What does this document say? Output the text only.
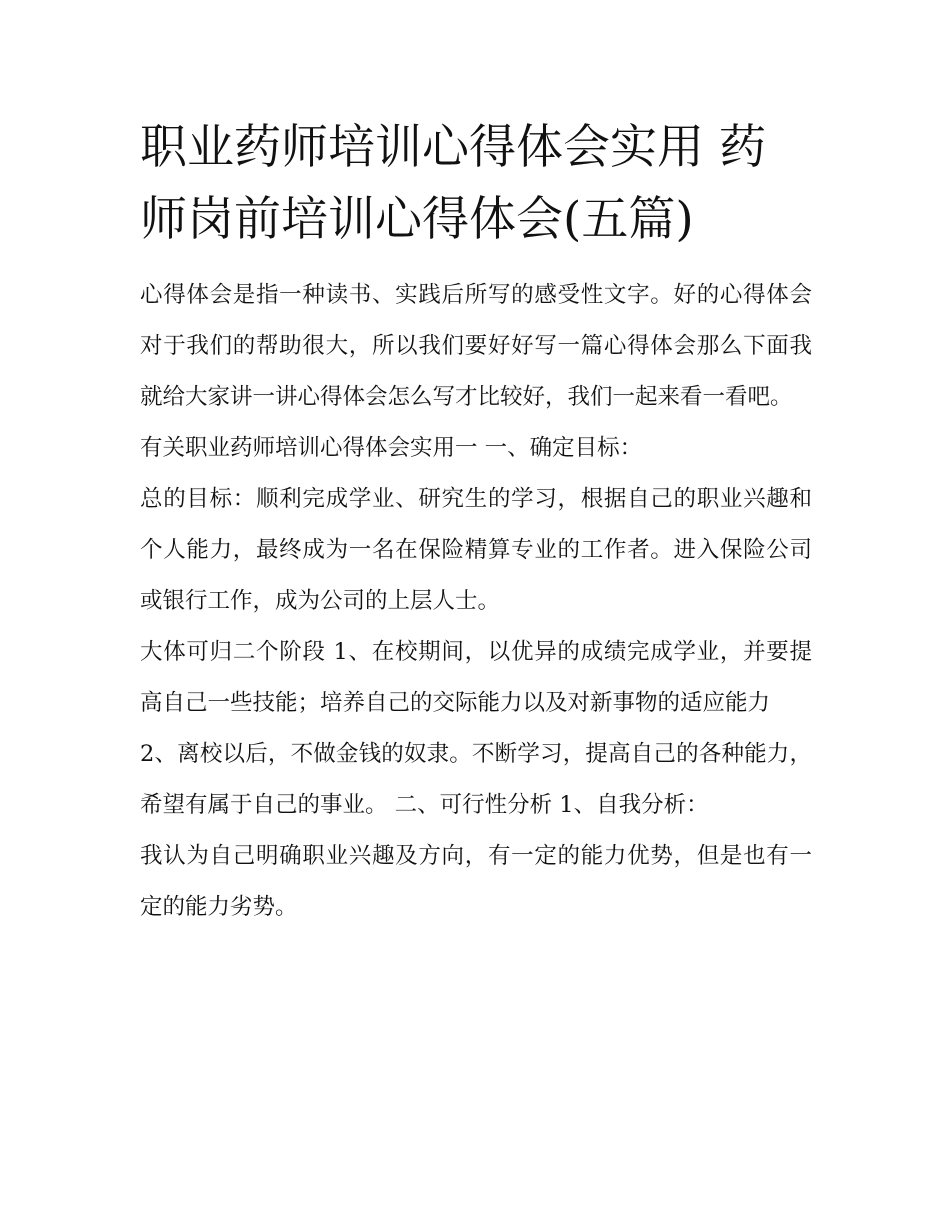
职业药师培训心得体会实用 药师岗前培训心得体会(五篇)

心得体会是指一种读书、实践后所写的感受性文字。好的心得体会对于我们的帮助很大，所以我们要好好写一篇心得体会那么下面我就给大家讲一讲心得体会怎么写才比较好，我们一起来看一看吧。

有关职业药师培训心得体会实用一 一、确定目标：

总的目标：顺利完成学业、研究生的学习，根据自己的职业兴趣和个人能力，最终成为一名在保险精算专业的工作者。进入保险公司或银行工作，成为公司的上层人士。

大体可归二个阶段 1、在校期间，以优异的成绩完成学业，并要提高自己一些技能；培养自己的交际能力以及对新事物的适应能力

2、离校以后，不做金钱的奴隶。不断学习，提高自己的各种能力，希望有属于自己的事业。 二、可行性分析 1、自我分析：

我认为自己明确职业兴趣及方向，有一定的能力优势，但是也有一定的能力劣势。
